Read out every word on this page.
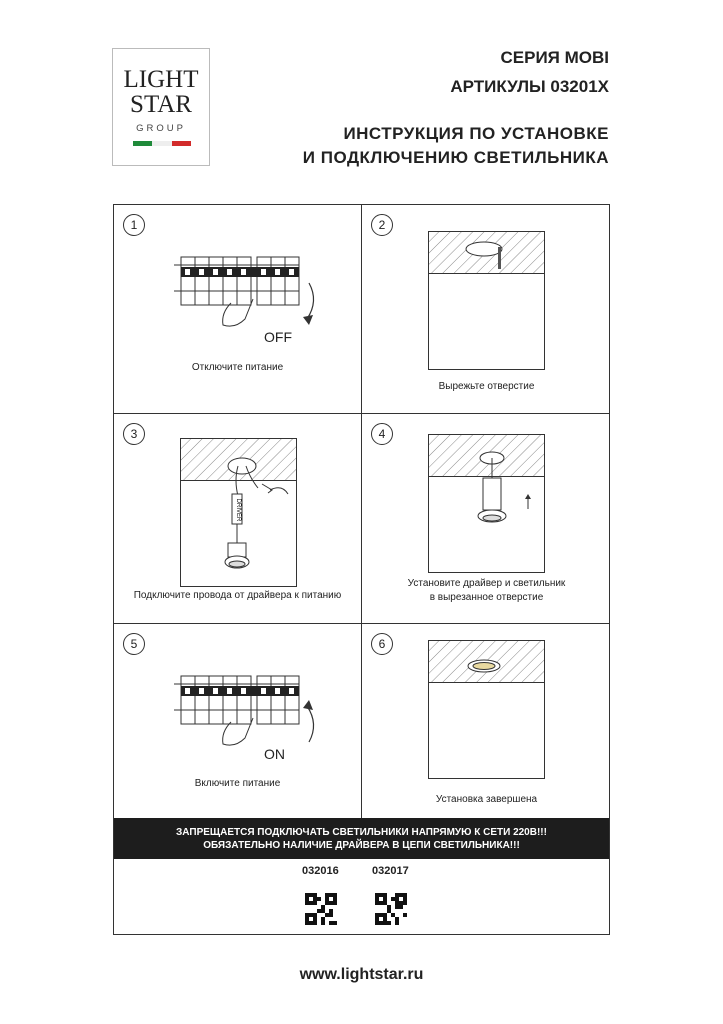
LIGHT
STAR
GROUP
СЕРИЯ MOBI
АРТИКУЛЫ 03201X
ИНСТРУКЦИЯ ПО УСТАНОВКЕ
И ПОДКЛЮЧЕНИЮ СВЕТИЛЬНИКА
1
OFF
Отключите питание
2
Вырежьте отверстие
3
DRIVER
Подключите провода от драйвера к питанию
4
Установите драйвер и светильник
в вырезанное отверстие
5
ON
Включите питание
6
Установка завершена
ЗАПРЕЩАЕТСЯ ПОДКЛЮЧАТЬ СВЕТИЛЬНИКИ НАПРЯМУЮ К СЕТИ 220В!!!
ОБЯЗАТЕЛЬНО НАЛИЧИЕ ДРАЙВЕРА В ЦЕПИ СВЕТИЛЬНИКА!!!
032016	032017
www.lightstar.ru
